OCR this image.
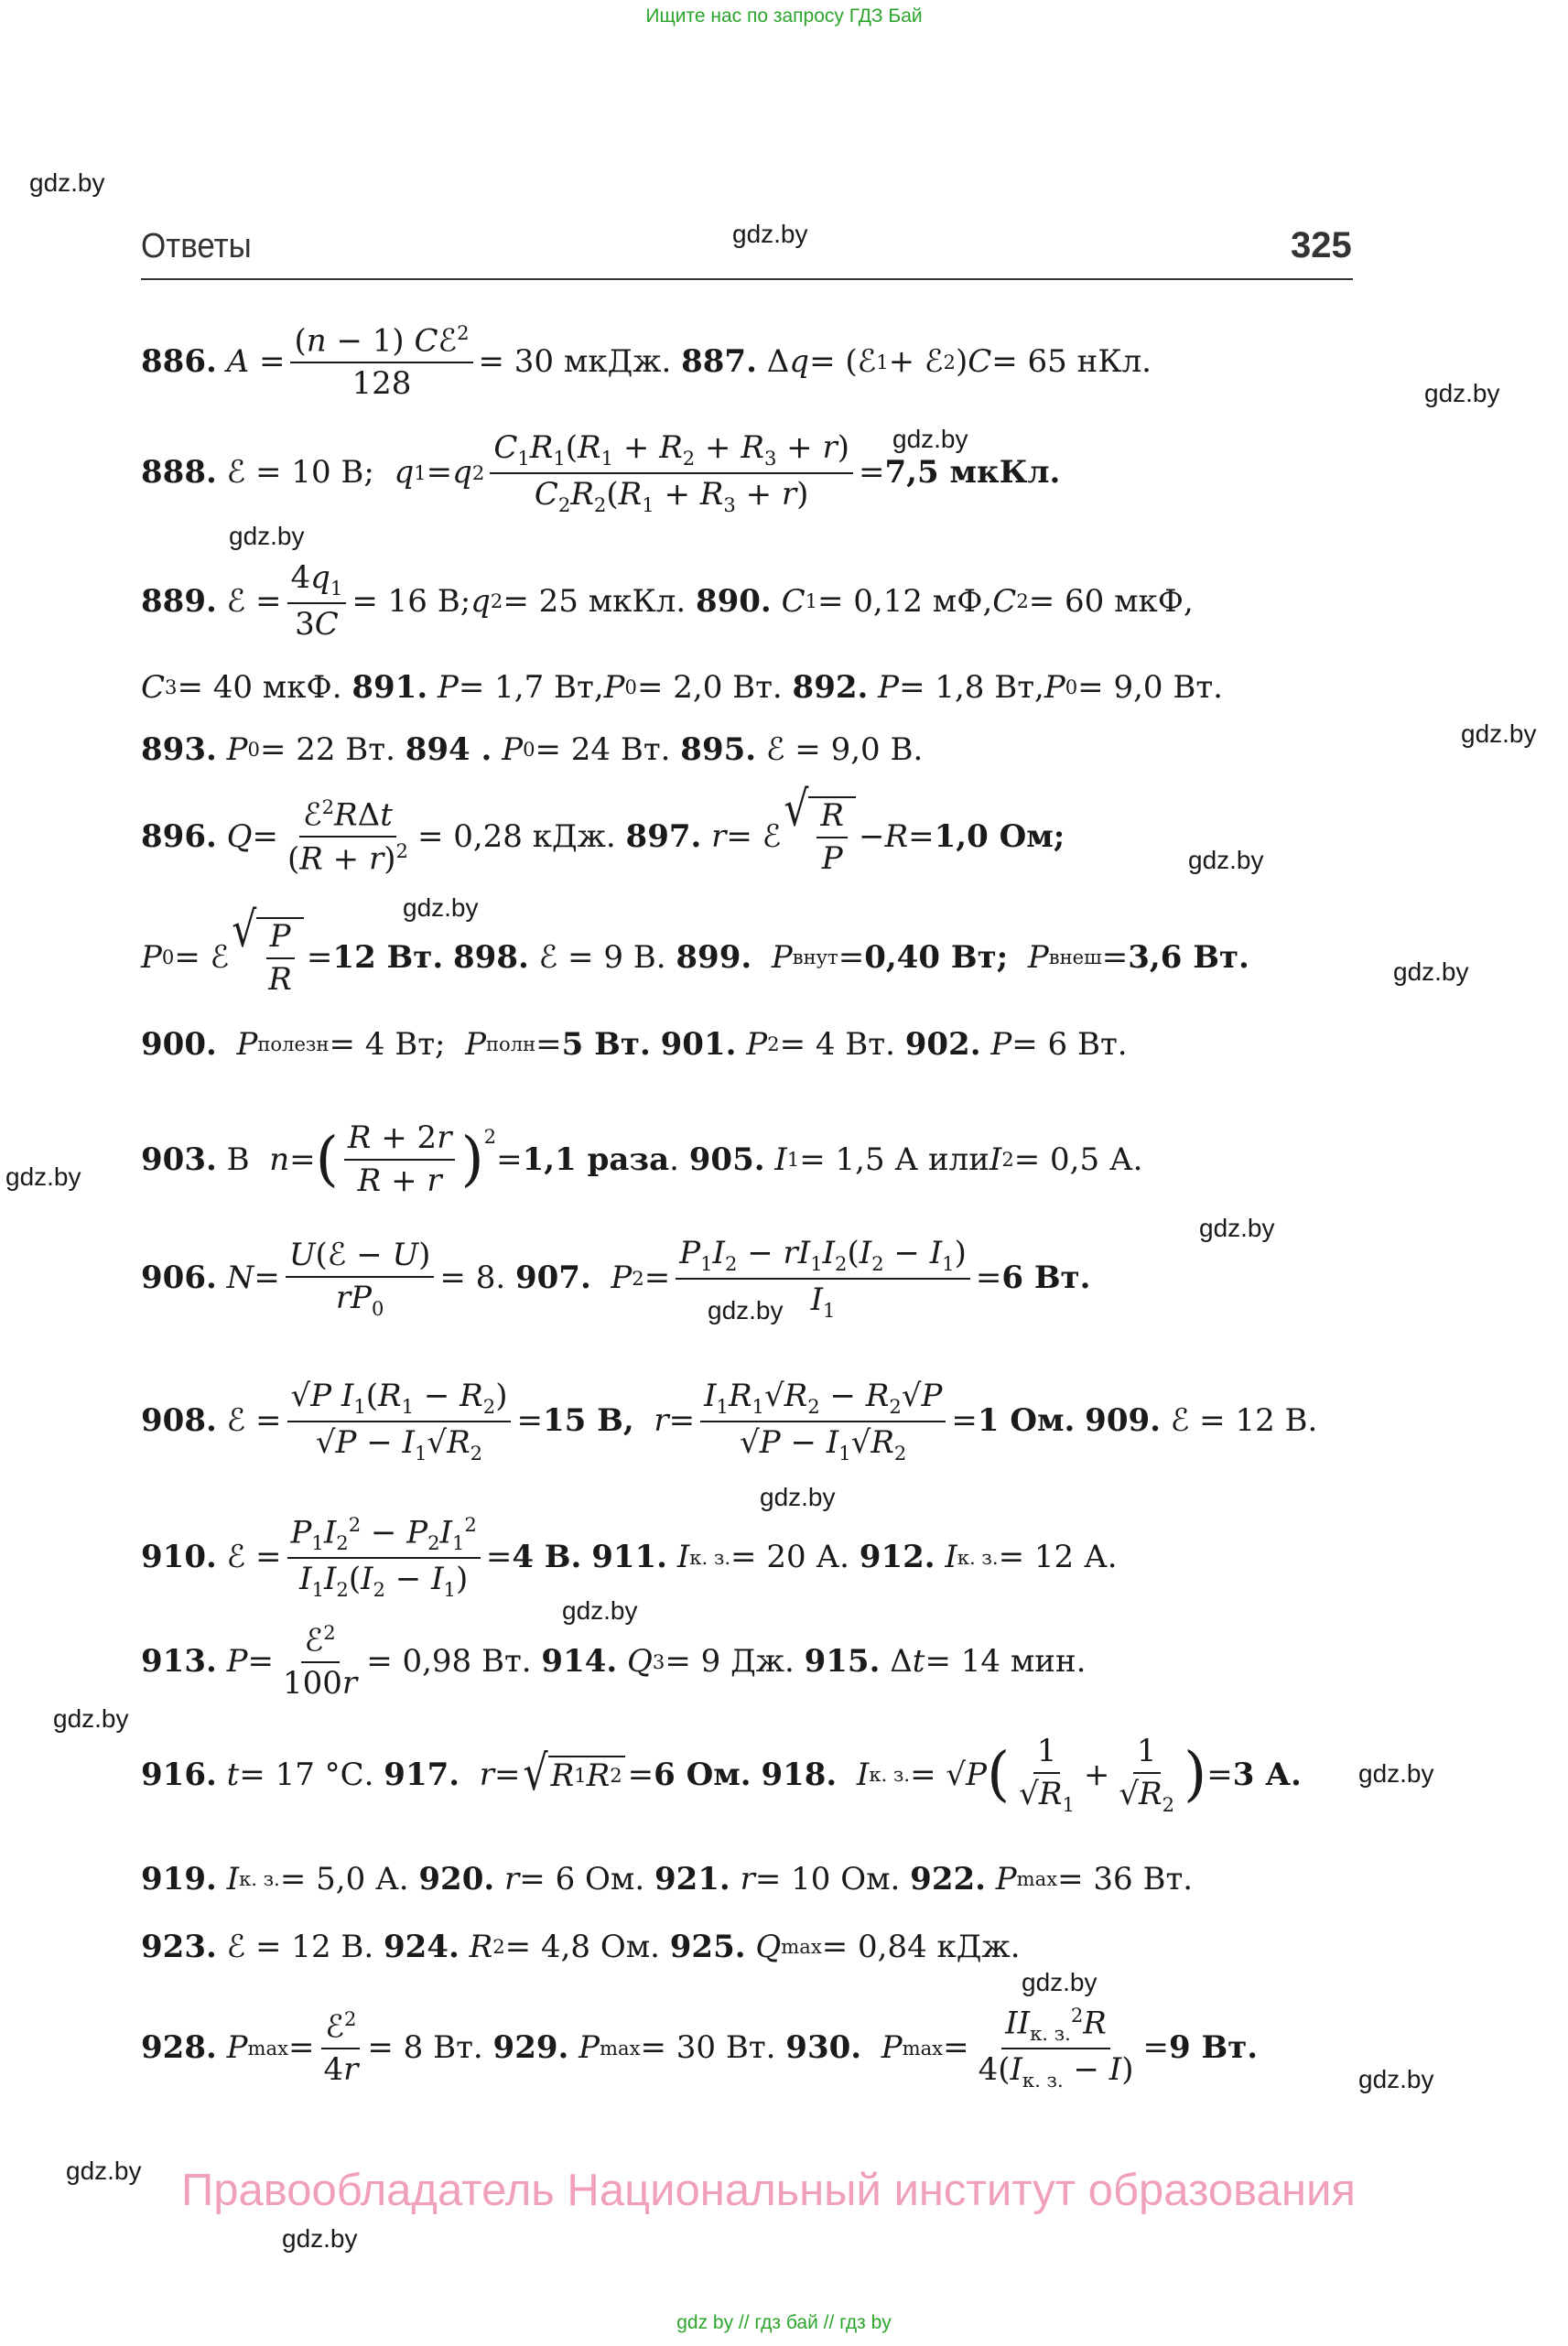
Ищите нас по запросу ГДЗ Бай
gdz.by
gdz.by
Ответы	325
886.
$A = \frac{(n - 1) Cℰ^2}{128} = 30$ мкДж. 887. Δ q = (ℰ 1 + ℰ 2 ) C = 65 нКл.
gdz.by
gdz.by
888. ℰ = 10 В; q 1 = q $2 \frac{C_1R_1(R_1 + R_2 + R_3 + r)}{C_2R_2(R_1 + R_3 + r)} = 7,5$ мкКл.
gdz.by
889. ℰ = $\frac{4q_1}{3C} = 16$ В; q 2 = 25 мкКл. 890.
C 1 = 0,12 мФ, C 2 = 60 мкФ,
C 3 = 40 мкФ. 891.
P = 1,7 Вт, P 0 = 2,0 Вт. 892.
P = 1,8 Вт, P 0 = 9,0 Вт.
gdz.by
893.
P 0 = 22 Вт. 894 .
P 0 = 24 Вт. 895. ℰ = 9,0 В.
896.
$Q = \frac{ℰ^2R\Delta t}{(R + r)^2} = 0,28$ кДж. 897.
r = ℰ √ $\frac{R}{P} - R = 1,0$ Ом;
gdz.by
gdz.by
P 0 = ℰ √ $\frac{P}{R} = 12$ Вт.
898. ℰ = 9 В. 899.
P внут = 0,40 Вт;
P внеш = 3,6 Вт.	gdz.by
900.
P полезн = 4 Вт; P полн = 5 Вт.
901.
P 2 = 4 Вт. 902.
P = 6 Вт.
gdz.by 903. В n = ( $\frac{R + 2r}{R + r} )^2$
= 1,1 раза . 905.
I 1 = 1,5 А или I 2 = 0,5 А.
gdz.by
906.
$N = \frac{\text{U(ℰ − U)}}{rP_0} = 8$. 907.
P $2 = \frac{P_1I_2 - rI_1I_2(I_2 - I_1)}{I_1} = 6$ Вт.
gdz.by
908. ℰ = $\frac{√P I_1(R_1 - R_2)}{√P - I_1√R_2} = 15$ В,
$r = \frac{I_1R_1√R_2 - R_2√P}{√P - I_1√R_2} = 1$ Ом.
909. ℰ = 12 В.
gdz.by
910. ℰ = $\frac{P_1I_2^2 - P_2I_1^2}{I_1I_2(I_2 - I_1)} = 4$ В.
911.
I к. з. = 20 А. 912.
I к. з. = 12 А.
gdz.by
913.
$P = \frac{ℰ^2}{100r} = 0,98$ Вт. 914.
Q 3 = 9 Дж. 915. Δ t = 14 мин.
gdz.by
916.
t = 17 °С. 917.
r = √ R 1 R 2 = 6 Ом.
918.
I к. з. = √ P ( $\frac{1}{√R_1} + \frac{1}{√R_2}$ ) = 3 А. gdz.by
919.
I к. з. = 5,0 А. 920.
r = 6 Ом. 921.
r = 10 Ом. 922.
P max = 36 Вт.
923. ℰ = 12 В. 924.
R 2 = 4,8 Ом. 925.
Q max = 0,84 кДж.
gdz.by
928.
P $\max = \frac{ℰ^2}{4r} = 8$ Вт. 929.
P max = 30 Вт. 930.
P $\max = \frac{II_{к. з.}^2R}{4(I_{к. з.} - I)} = 9$ Вт.
gdz.by
gdz.by Правообладатель Национальный институт образования
gdz.by
gdz by // гдз бай // гдз by
